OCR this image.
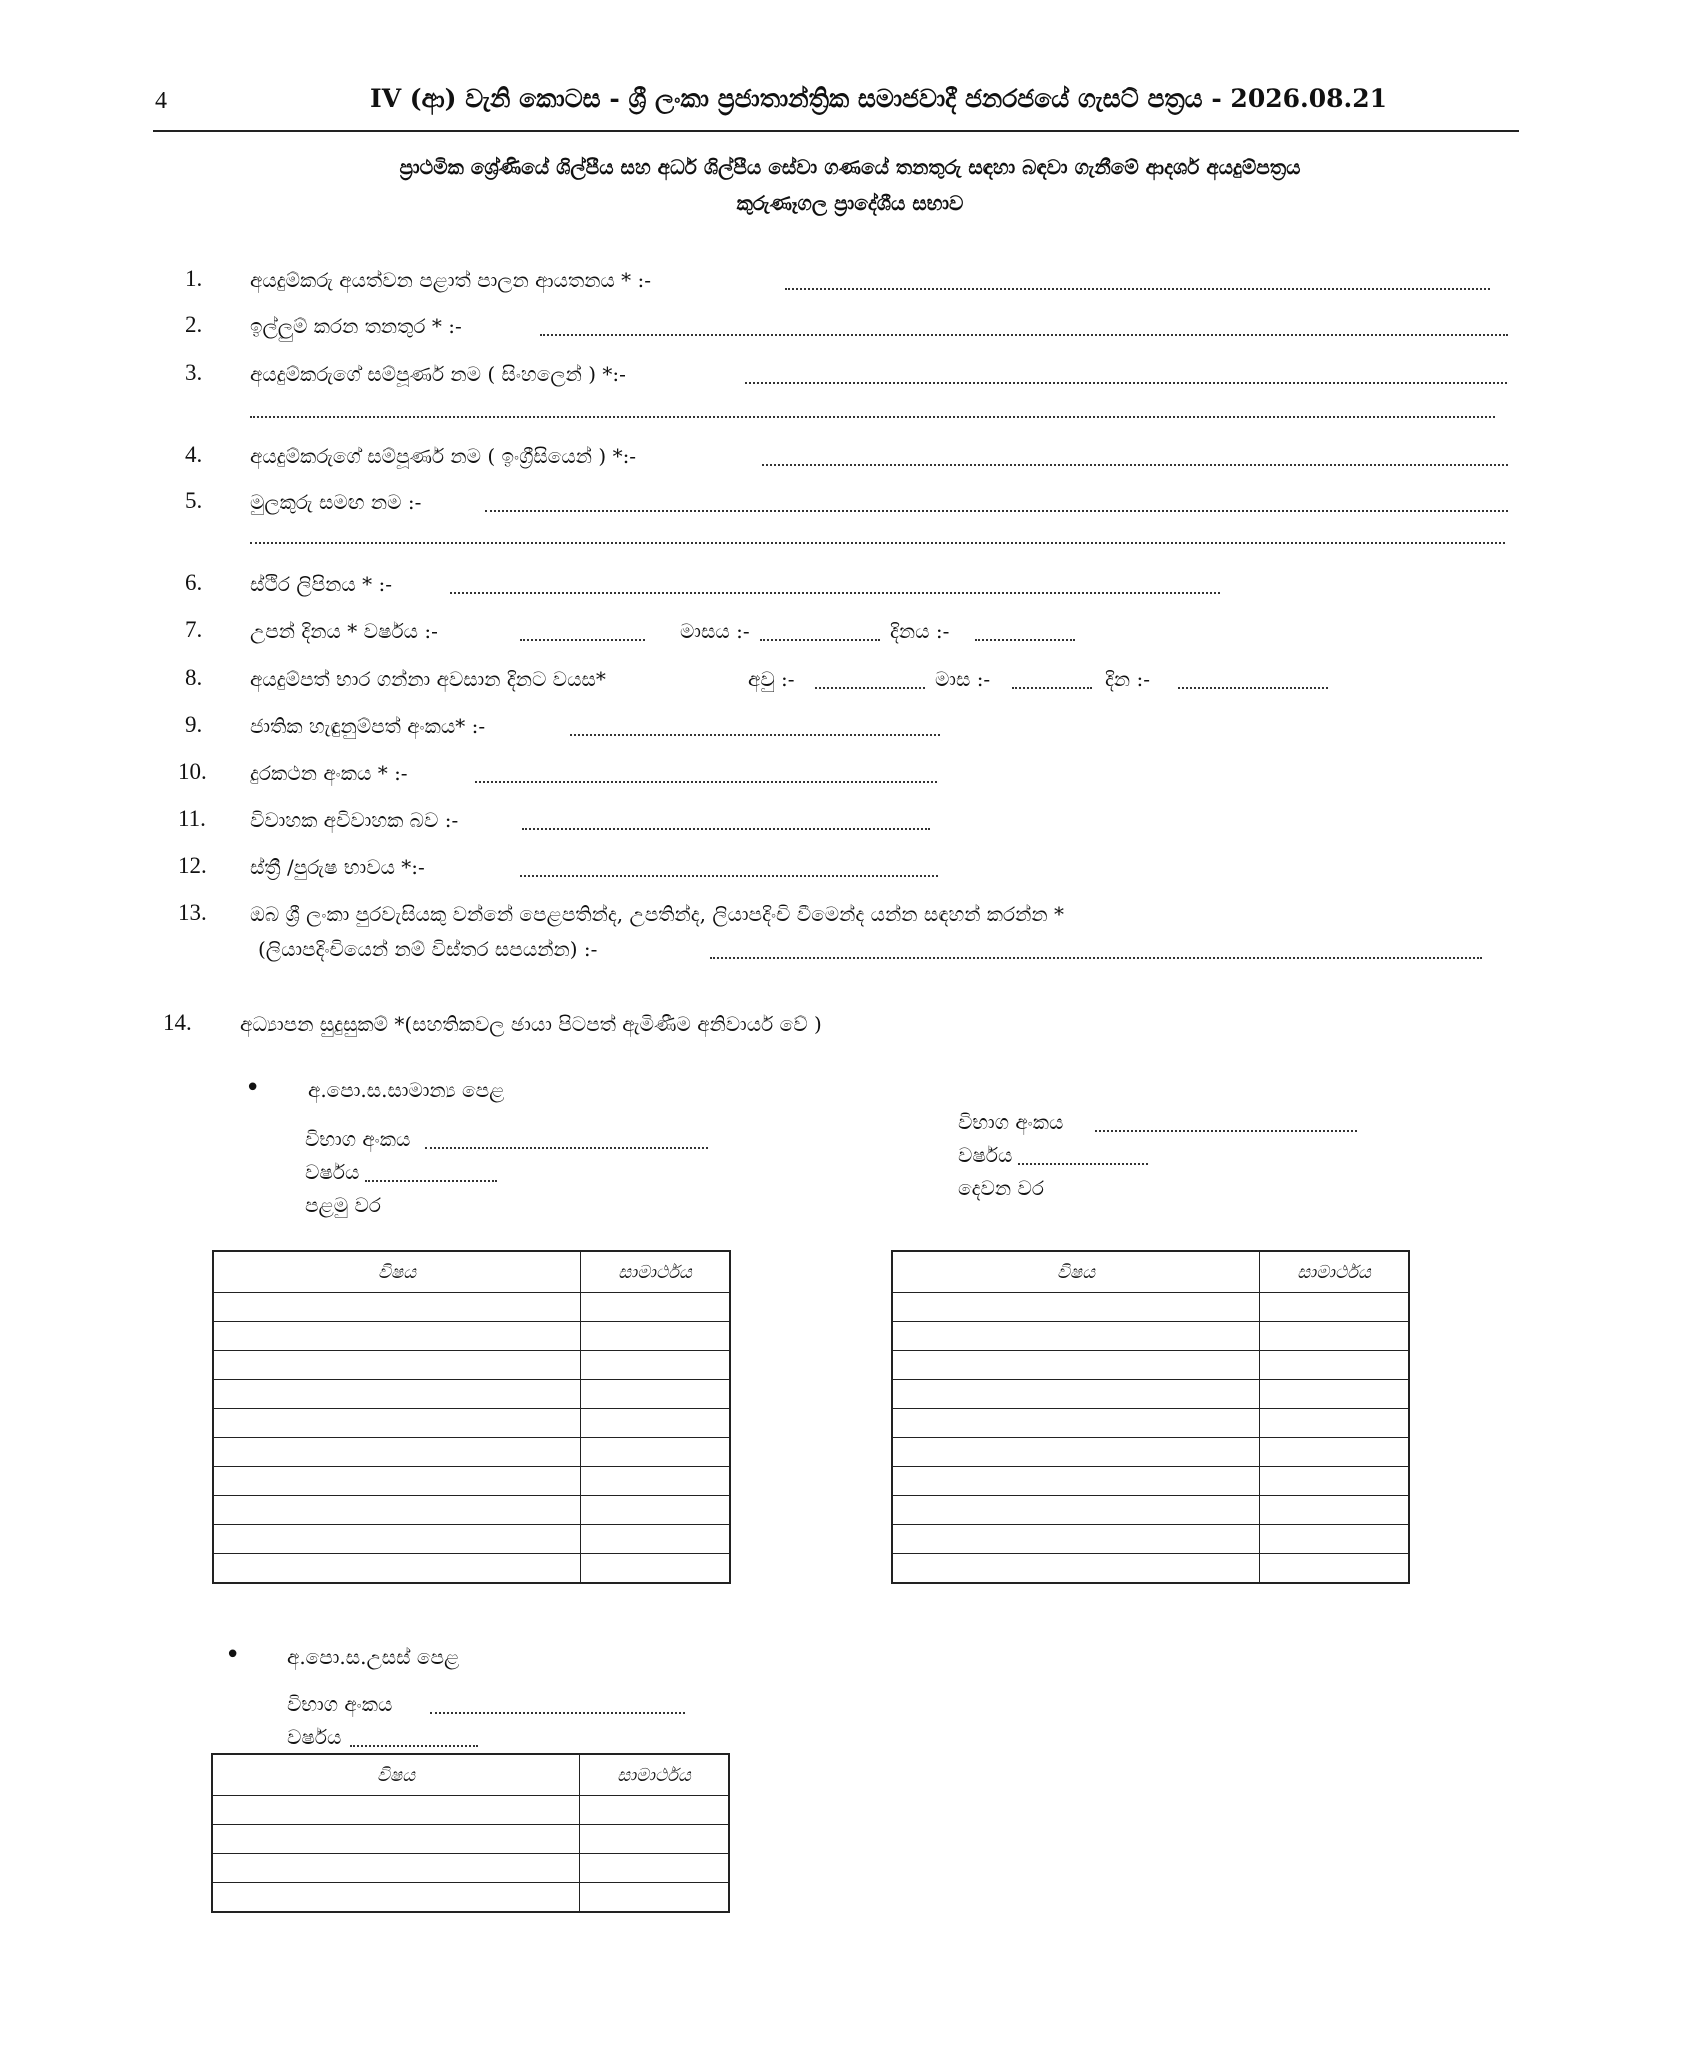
4	IV (ආ) වැනි කොටස - ශ්‍රී ලංකා ප්‍රජාතාන්ත්‍රික සමාජවාදී ජනරජයේ ගැසට් පත්‍රය - 2026.08.21
ප්‍රාථමික ශ්‍රේණියේ ශිල්පීය සහ අර්ධ ශිල්පීය සේවා ගණයේ තනතුරු සඳහා බඳවා ගැනීමේ ආදර්ශ අයදුම්පත්‍රය
කුරුණෑගල ප්‍රාදේශීය සභාව
1. අයදුම්කරු අයත්වන පළාත් පාලන ආයතනය * :-
2. ඉල්ලුම් කරන තනතුර * :-
3. අයදුම්කරුගේ සම්පූර්ණ නම ( සිංහලෙන් ) *:-
4. අයදුම්කරුගේ සම්පූර්ණ නම ( ඉංග්‍රීසියෙන් ) *:-
5. මුලකුරු සමඟ නම :-
6. ස්ථිර ලිපිනය * :-
7. උපන් දිනය * වර්ෂය :-	මාසය :-	දිනය :-
8. අයදුම්පත් භාර ගන්නා අවසාන දිනට වයස*	අවු :-	මාස :-	දින :-
9. ජාතික හැඳුනුම්පත් අංකය* :-
10. දුරකථන අංකය * :-
11. විවාහක අවිවාහක බව :-
12. ස්ත්‍රී /පුරුෂ භාවය *:-
13. ඔබ ශ්‍රී ලංකා පුරවැසියකු වන්නේ පෙළපතින්ද, උපතින්ද, ලියාපදිංචි වීමෙන්ද යන්න සඳහන් කරන්න *
(ලියාපදිංචියෙන් නම් විස්තර සපයන්න) :-
14. අධ්‍යාපන සුදුසුකම් *(සහතිකවල ඡායා පිටපත් ඇමිණීම අනිවාර්ය වේ )
• අ.පො.ස.සාමාන්‍ය පෙළ
විභාග අංකය
වර්ෂය
පළමු වර
විභාග අංකය
වර්ෂය
දෙවන වර
විෂය	සාමාර්ථය

		විෂය	සාමාර්ථය

• අ.පො.ස.උසස් පෙළ
විභාග අංකය
වර්ෂය
විෂය	සාමාර්ථය
